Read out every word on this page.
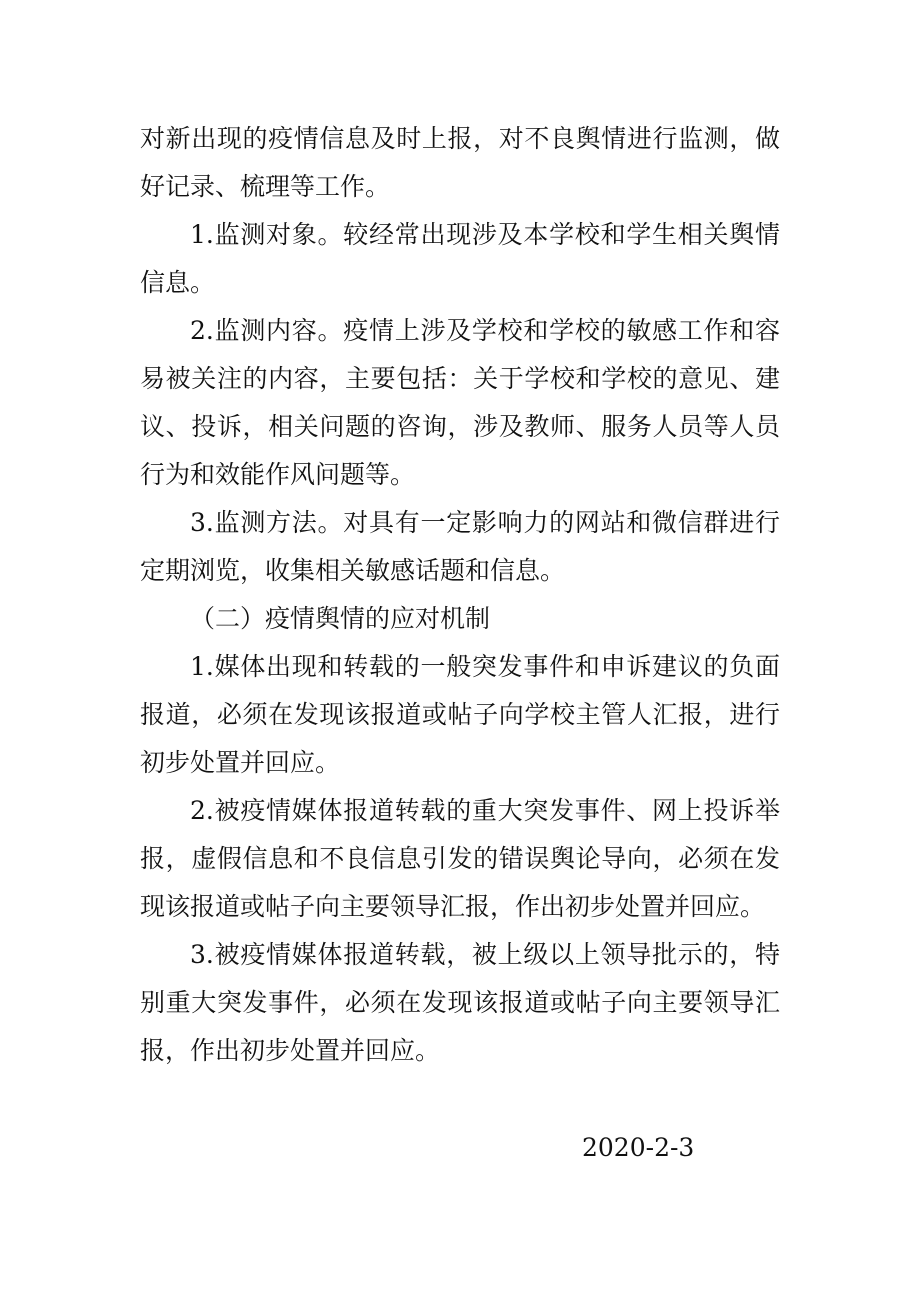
对新出现的疫情信息及时上报，对不良舆情进行监测，做好记录、梳理等工作。

1.监测对象。较经常出现涉及本学校和学生相关舆情信息。

2.监测内容。疫情上涉及学校和学校的敏感工作和容易被关注的内容，主要包括：关于学校和学校的意见、建议、投诉，相关问题的咨询，涉及教师、服务人员等人员行为和效能作风问题等。

3.监测方法。对具有一定影响力的网站和微信群进行定期浏览，收集相关敏感话题和信息。

（二）疫情舆情的应对机制

1.媒体出现和转载的一般突发事件和申诉建议的负面报道，必须在发现该报道或帖子向学校主管人汇报，进行初步处置并回应。

2.被疫情媒体报道转载的重大突发事件、网上投诉举报，虚假信息和不良信息引发的错误舆论导向，必须在发现该报道或帖子向主要领导汇报，作出初步处置并回应。

3.被疫情媒体报道转载，被上级以上领导批示的，特别重大突发事件，必须在发现该报道或帖子向主要领导汇报，作出初步处置并回应。

2020-2-3
